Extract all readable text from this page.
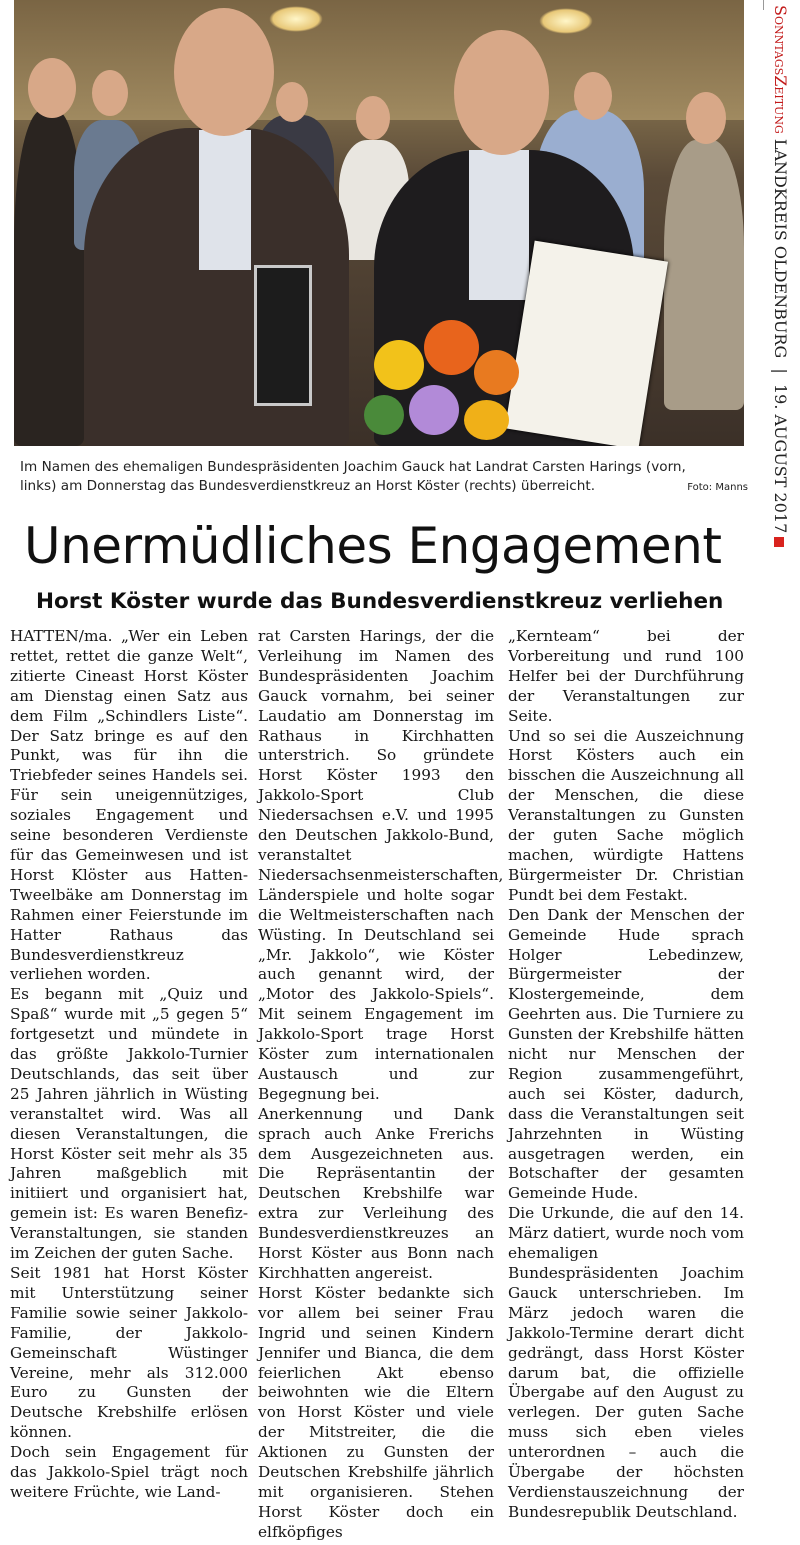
Im Namen des ehemaligen Bundespräsidenten Joachim Gauck hat Landrat Carsten Harings (vorn,
links) am Donnerstag das Bundesverdienstkreuz an Horst Köster (rechts) überreicht.	Foto: Manns
Unermüdliches Engagement
Horst Köster wurde das Bundesverdienstkreuz verliehen

HATTEN/ma. „Wer ein Leben rettet, rettet die ganze Welt“, zitierte Cineast Horst Köster am Dienstag einen Satz aus dem Film „Schindlers Liste“. Der Satz bringe es auf den Punkt, was für ihn die Triebfeder seines Handels sei. Für sein uneigennütziges, soziales Engagement und seine besonderen Verdienste für das Gemeinwesen und ist Horst Klöster aus Hatten-Tweelbäke am Donnerstag im Rahmen einer Feierstunde im Hatter Rathaus das Bundesverdienstkreuz verliehen worden.

Es begann mit „Quiz und Spaß“ wurde mit „5 gegen 5“ fortgesetzt und mündete in das größte Jakkolo-Turnier Deutschlands, das seit über 25 Jahren jährlich in Wüsting veranstaltet wird. Was all diesen Veranstaltungen, die Horst Köster seit mehr als 35 Jahren maßgeblich mit initiiert und organisiert hat, gemein ist: Es waren Benefiz-Veranstaltungen, sie standen im Zeichen der guten Sache.

Seit 1981 hat Horst Köster mit Unterstützung seiner Familie sowie seiner Jakkolo-Familie, der Jakkolo-Gemeinschaft Wüstinger Vereine, mehr als 312.000 Euro zu Gunsten der Deutsche Krebshilfe erlösen können.

Doch sein Engagement für das Jakkolo-Spiel trägt noch weitere Früchte, wie Land-

rat Carsten Harings, der die Verleihung im Namen des Bundespräsidenten Joachim Gauck vornahm, bei seiner Laudatio am Donnerstag im Rathaus in Kirchhatten unterstrich. So gründete Horst Köster 1993 den Jakkolo-Sport Club Niedersachsen e.V. und 1995 den Deutschen Jakkolo-Bund, veranstaltet Niedersachsenmeisterschaften, Länderspiele und holte sogar die Weltmeisterschaften nach Wüsting. In Deutschland sei „Mr. Jakkolo“, wie Köster auch genannt wird, der „Motor des Jakkolo-Spiels“. Mit seinem Engagement im Jakkolo-Sport trage Horst Köster zum internationalen Austausch und zur Begegnung bei.

Anerkennung und Dank sprach auch Anke Frerichs dem Ausgezeichneten aus. Die Repräsentantin der Deutschen Krebshilfe war extra zur Verleihung des Bundesverdienstkreuzes an Horst Köster aus Bonn nach Kirchhatten angereist.

Horst Köster bedankte sich vor allem bei seiner Frau Ingrid und seinen Kindern Jennifer und Bianca, die dem feierlichen Akt ebenso beiwohnten wie die Eltern von Horst Köster und viele der Mitstreiter, die die Aktionen zu Gunsten der Deutschen Krebshilfe jährlich mit organisieren. Stehen Horst Köster doch ein elfköpfiges

„Kernteam“ bei der Vorbereitung und rund 100 Helfer bei der Durchführung der Veranstaltungen zur Seite.

Und so sei die Auszeichnung Horst Kösters auch ein bisschen die Auszeichnung all der Menschen, die diese Veranstaltungen zu Gunsten der guten Sache möglich machen, würdigte Hattens Bürgermeister Dr. Christian Pundt bei dem Festakt.

Den Dank der Menschen der Gemeinde Hude sprach Holger Lebedinzew, Bürgermeister der Klostergemeinde, dem Geehrten aus. Die Turniere zu Gunsten der Krebshilfe hätten nicht nur Menschen der Region zusammengeführt, auch sei Köster, dadurch, dass die Veranstaltungen seit Jahrzehnten in Wüsting ausgetragen werden, ein Botschafter der gesamten Gemeinde Hude.

Die Urkunde, die auf den 14. März datiert, wurde noch vom ehemaligen Bundespräsidenten Joachim Gauck unterschrieben. Im März jedoch waren die Jakkolo-Termine derart dicht gedrängt, dass Horst Köster darum bat, die offizielle Übergabe auf den August zu verlegen. Der guten Sache muss sich eben vieles unterordnen – auch die Übergabe der höchsten Verdienstauszeichnung der Bundesrepublik Deutschland.

SonntagsZeitung LANDKREIS OLDENBURG  |  19. AUGUST 2017
